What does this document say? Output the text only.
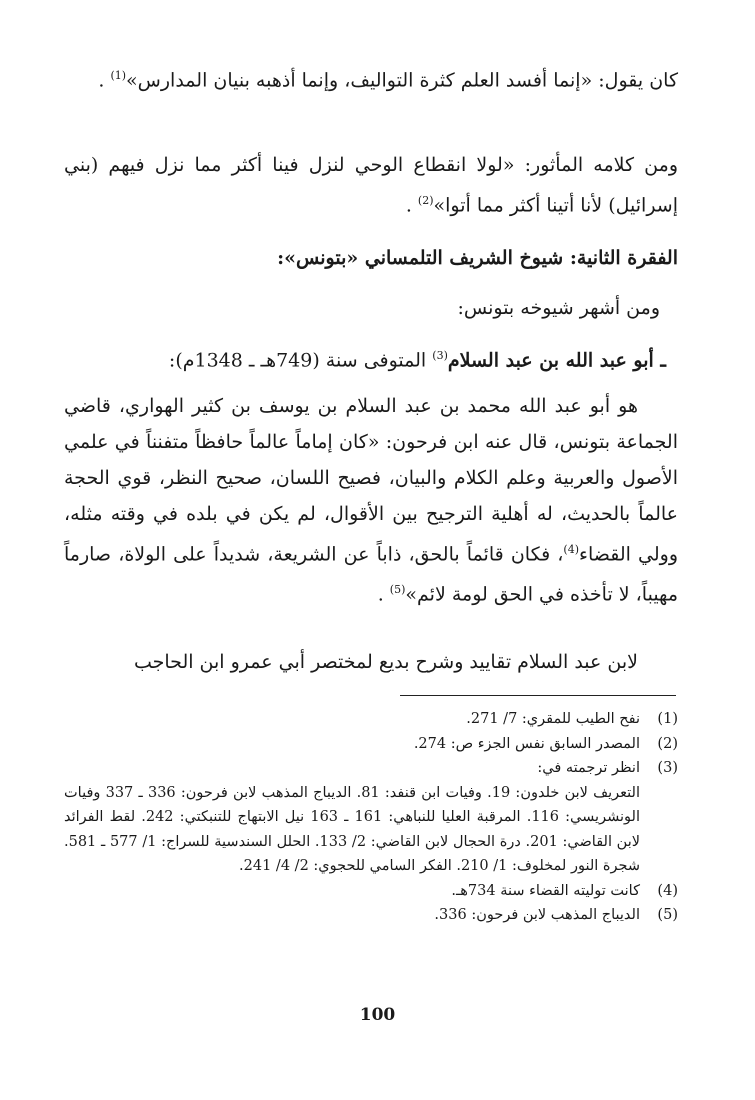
كان يقول: «إنما أفسد العلم كثرة التواليف، وإنما أذهبه بنيان المدارس»$^{(1)}$ .

ومن كلامه المأثور: «لولا انقطاع الوحي لنزل فينا أكثر مما نزل فيهم (بني إسرائيل) لأنا أتينا أكثر مما أتوا»$^{(2)}$ .

الفقرة الثانية: شيوخ الشريف التلمساني «بتونس»:
ومن أشهر شيوخه بتونس:
ـ أبو عبد الله بن عبد السلام$^{(3)}$ المتوفى سنة (749هـ ـ 1348م):

هو أبو عبد الله محمد بن عبد السلام بن يوسف بن كثير الهواري، قاضي الجماعة بتونس، قال عنه ابن فرحون: «كان إماماً عالماً حافظاً متفنناً في علمي الأصول والعربية وعلم الكلام والبيان، فصيح اللسان، صحيح النظر، قوي الحجة عالماً بالحديث، له أهلية الترجيح بين الأقوال، لم يكن في بلده في وقته مثله، وولي القضاء$^{(4)}$، فكان قائماً بالحق، ذاباً عن الشريعة، شديداً على الولاة، صارماً مهيباً، لا تأخذه في الحق لومة لائم»$^{(5)}$ .

لابن عبد السلام تقاييد وشرح بديع لمختصر أبي عمرو ابن الحاجب
(1)
نفح الطيب للمقري: 7/ 271.
(2)
المصدر السابق نفس الجزء ص: 274.
(3)
انظر ترجمته في:
التعريف لابن خلدون: 19. وفيات ابن قنفد: 81. الديباج المذهب لابن فرحون: 336 ـ 337 وفيات الونشريسي: 116. المرقبة العليا للنباهي: 161 ـ 163 نيل الابتهاج للتنبكتي: 242. لقط الفرائد لابن القاضي: 201. درة الحجال لابن القاضي: 2/ 133. الحلل السندسية للسراج: 1/ 577 ـ 581. شجرة النور لمخلوف: 1/ 210. الفكر السامي للحجوي: 2/ 4/ 241.
(4)
كانت توليته القضاء سنة 734هـ.
(5)
الديباج المذهب لابن فرحون: 336.
100
